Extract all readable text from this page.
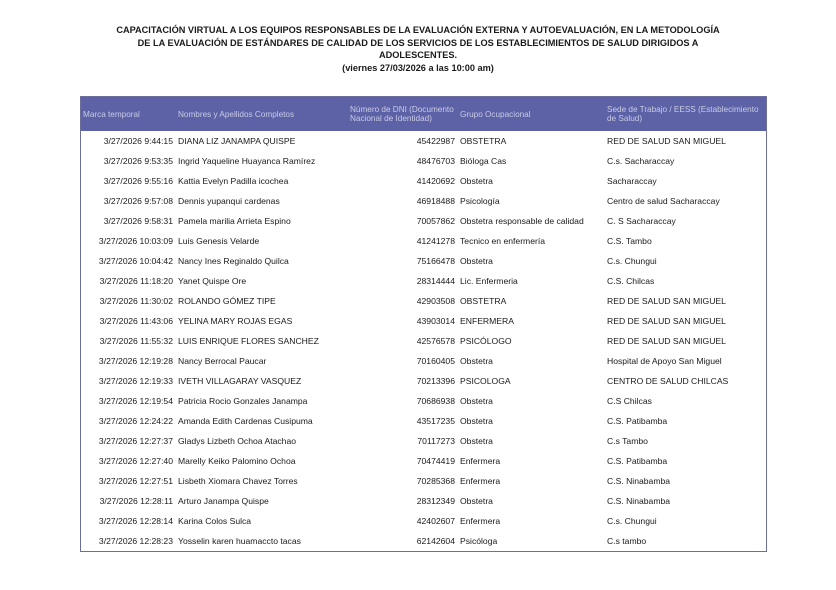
CAPACITACIÓN VIRTUAL A LOS EQUIPOS RESPONSABLES DE LA EVALUACIÓN EXTERNA Y AUTOEVALUACIÓN, EN LA METODOLOGÍA
DE LA EVALUACIÓN DE ESTÁNDARES DE CALIDAD DE LOS SERVICIOS DE LOS ESTABLECIMIENTOS DE SALUD DIRIGIDOS A
ADOLESCENTES.
(viernes 27/03/2026 a las 10:00 am)
Marca temporal	Nombres y Apellidos Completos	Número de DNI (Documento Nacional de Identidad)	Grupo Ocupacional	Sede de Trabajo / EESS (Establecimiento de Salud)
3/27/2026 9:44:15	DIANA LIZ JANAMPA QUISPE	45422987	OBSTETRA	RED DE SALUD SAN MIGUEL
3/27/2026 9:53:35	Ingrid Yaqueline Huayanca Ramírez	48476703	Bióloga Cas	C.s. Sacharaccay
3/27/2026 9:55:16	Kattia Evelyn Padilla icochea	41420692	Obstetra	Sacharaccay
3/27/2026 9:57:08	Dennis yupanqui cardenas	46918488	Psicología	Centro de salud Sacharaccay
3/27/2026 9:58:31	Pamela marilia Arrieta Espino	70057862	Obstetra responsable de calidad	C. S Sacharaccay
3/27/2026 10:03:09	Luis Genesis Velarde	41241278	Tecnico en enfermería	C.S. Tambo
3/27/2026 10:04:42	Nancy Ines Reginaldo Quilca	75166478	Obstetra	C.s. Chungui
3/27/2026 11:18:20	Yanet Quispe Ore	28314444	Lic. Enfermeria	C.S. Chilcas
3/27/2026 11:30:02	ROLANDO GÓMEZ TIPE	42903508	OBSTETRA	RED DE SALUD SAN MIGUEL
3/27/2026 11:43:06	YELINA MARY ROJAS EGAS	43903014	ENFERMERA	RED DE SALUD SAN MIGUEL
3/27/2026 11:55:32	LUIS ENRIQUE FLORES SANCHEZ	42576578	PSICÓLOGO	RED DE SALUD SAN MIGUEL
3/27/2026 12:19:28	Nancy Berrocal Paucar	70160405	Obstetra	Hospital de Apoyo San Miguel
3/27/2026 12:19:33	IVETH VILLAGARAY VASQUEZ	70213396	PSICOLOGA	CENTRO DE SALUD CHILCAS
3/27/2026 12:19:54	Patricia Rocio Gonzales Janampa	70686938	Obstetra	C.S Chilcas
3/27/2026 12:24:22	Amanda Edith Cardenas Cusipuma	43517235	Obstetra	C.S. Patibamba
3/27/2026 12:27:37	Gladys Lizbeth Ochoa Atachao	70117273	Obstetra	C.s Tambo
3/27/2026 12:27:40	Marelly Keiko Palomino Ochoa	70474419	Enfermera	C.S. Patibamba
3/27/2026 12:27:51	Lisbeth Xiomara Chavez Torres	70285368	Enfermera	C.S. Ninabamba
3/27/2026 12:28:11	Arturo Janampa Quispe	28312349	Obstetra	C.S. Ninabamba
3/27/2026 12:28:14	Karina Colos Sulca	42402607	Enfermera	C.s. Chungui
3/27/2026 12:28:23	Yosselin karen huamaccto tacas	62142604	Psicóloga	C.s tambo
